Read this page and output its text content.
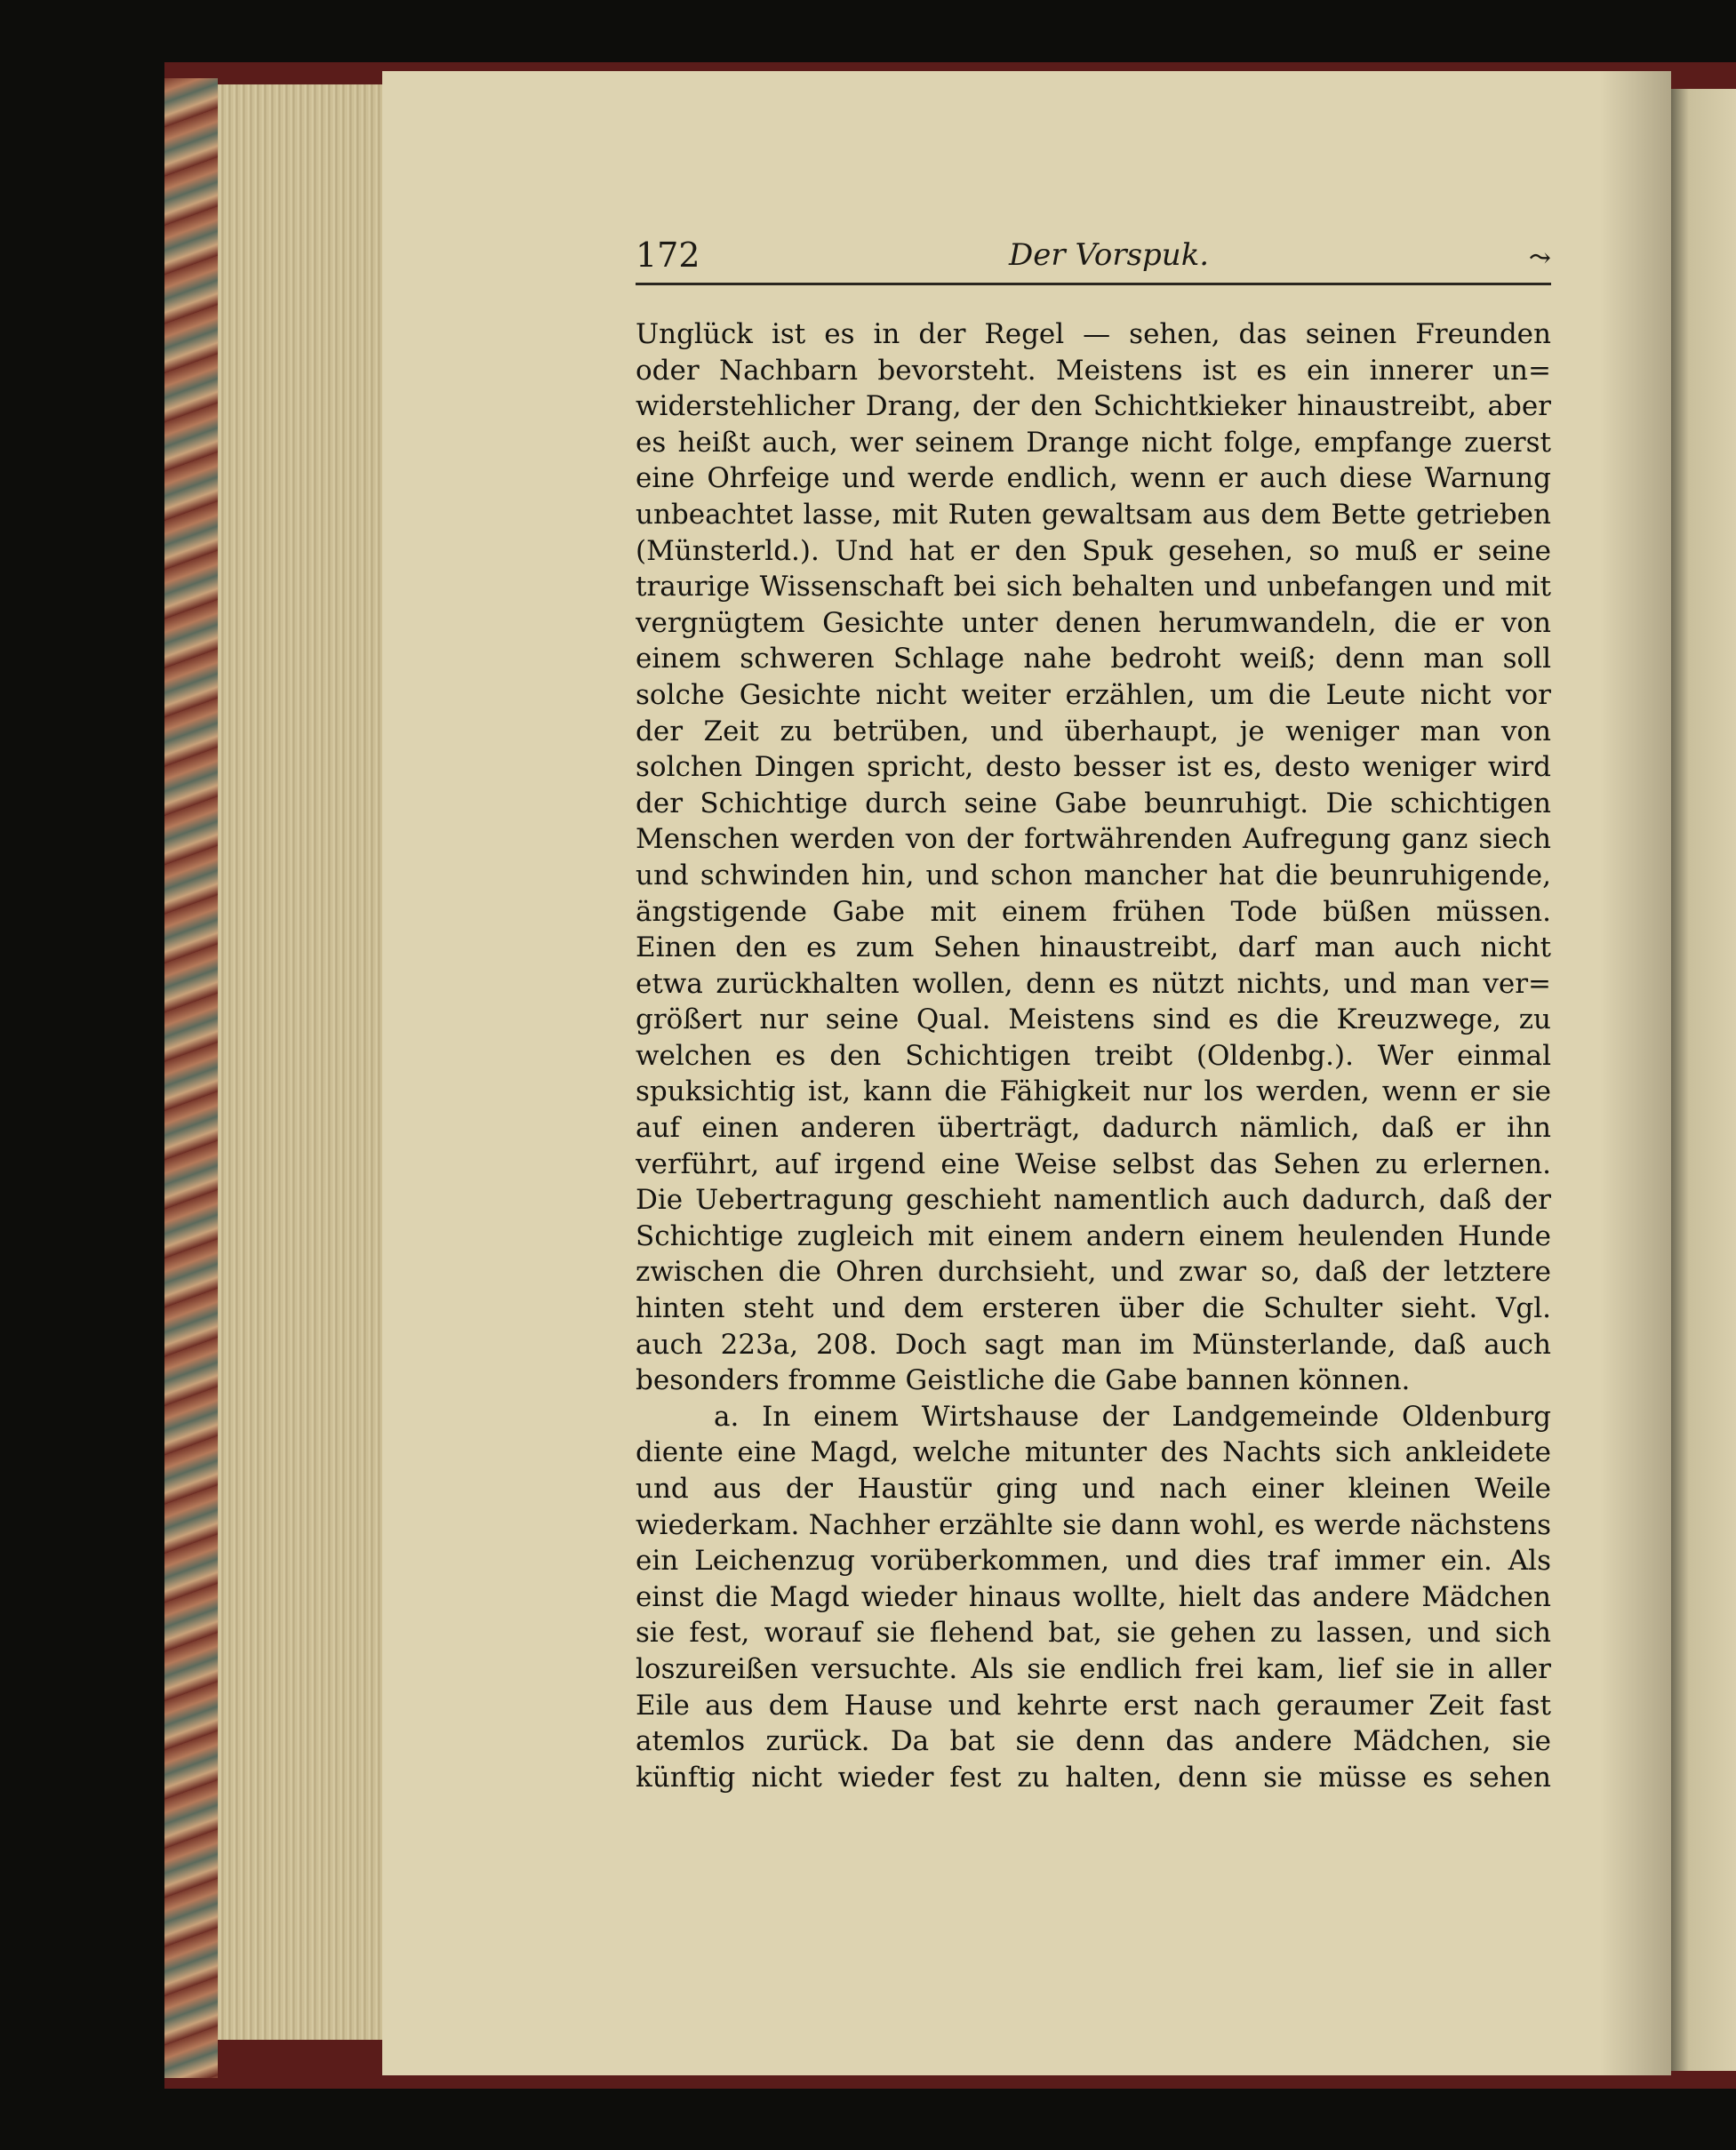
172	Der Vorspuk.	⤳
Unglück ist es in der Regel — sehen, das seinen Freunden
oder Nachbarn bevorsteht. Meistens ist es ein innerer un=
widerstehlicher Drang, der den Schichtkieker hinaustreibt, aber
es heißt auch, wer seinem Drange nicht folge, empfange zuerst
eine Ohrfeige und werde endlich, wenn er auch diese Warnung
unbeachtet lasse, mit Ruten gewaltsam aus dem Bette getrieben
(Münsterld.). Und hat er den Spuk gesehen, so muß er seine
traurige Wissenschaft bei sich behalten und unbefangen und mit
vergnügtem Gesichte unter denen herumwandeln, die er von
einem schweren Schlage nahe bedroht weiß; denn man soll
solche Gesichte nicht weiter erzählen, um die Leute nicht vor
der Zeit zu betrüben, und überhaupt, je weniger man von
solchen Dingen spricht, desto besser ist es, desto weniger wird
der Schichtige durch seine Gabe beunruhigt. Die schichtigen
Menschen werden von der fortwährenden Aufregung ganz siech
und schwinden hin, und schon mancher hat die beunruhigende,
ängstigende Gabe mit einem frühen Tode büßen müssen.
Einen den es zum Sehen hinaustreibt, darf man auch nicht
etwa zurückhalten wollen, denn es nützt nichts, und man ver=
größert nur seine Qual. Meistens sind es die Kreuzwege, zu
welchen es den Schichtigen treibt (Oldenbg.). Wer einmal
spuksichtig ist, kann die Fähigkeit nur los werden, wenn er sie
auf einen anderen überträgt, dadurch nämlich, daß er ihn
verführt, auf irgend eine Weise selbst das Sehen zu erlernen.
Die Uebertragung geschieht namentlich auch dadurch, daß der
Schichtige zugleich mit einem andern einem heulenden Hunde
zwischen die Ohren durchsieht, und zwar so, daß der letztere
hinten steht und dem ersteren über die Schulter sieht. Vgl.
auch 223a, 208. Doch sagt man im Münsterlande, daß auch
besonders fromme Geistliche die Gabe bannen können.
a. In einem Wirtshause der Landgemeinde Oldenburg
diente eine Magd, welche mitunter des Nachts sich ankleidete
und aus der Haustür ging und nach einer kleinen Weile
wiederkam. Nachher erzählte sie dann wohl, es werde nächstens
ein Leichenzug vorüberkommen, und dies traf immer ein. Als
einst die Magd wieder hinaus wollte, hielt das andere Mädchen
sie fest, worauf sie flehend bat, sie gehen zu lassen, und sich
loszureißen versuchte. Als sie endlich frei kam, lief sie in aller
Eile aus dem Hause und kehrte erst nach geraumer Zeit fast
atemlos zurück. Da bat sie denn das andere Mädchen, sie
künftig nicht wieder fest zu halten, denn sie müsse es sehen
